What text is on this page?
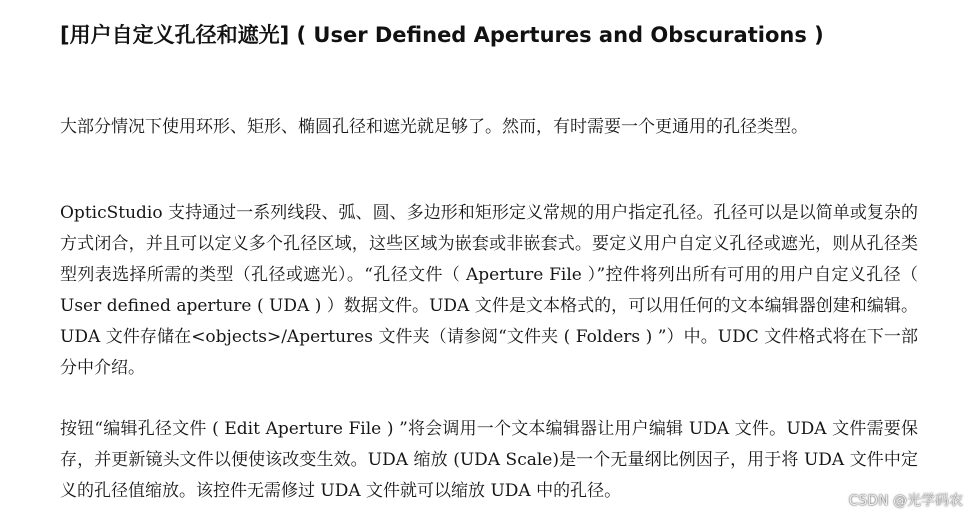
[用户自定义孔径和遮光] ( User Defined Apertures and Obscurations )

大部分情况下使用环形、矩形、椭圆孔径和遮光就足够了。然而，有时需要一个更通用的孔径类型。

OpticStudio 支持通过一系列线段、弧、圆、多边形和矩形定义常规的用户指定孔径。孔径可以是以简单或复杂的方式闭合，并且可以定义多个孔径区域，这些区域为嵌套或非嵌套式。要定义用户自定义孔径或遮光，则从孔径类型列表选择所需的类型（孔径或遮光）。“孔径文件（ Aperture File ）”控件将列出所有可用的用户自定义孔径（ User defined aperture ( UDA ) ）数据文件。UDA 文件是文本格式的，可以用任何的文本编辑器创建和编辑。UDA 文件存储在<objects>/Apertures 文件夹（请参阅“文件夹 ( Folders ) ”）中。UDC 文件格式将在下一部分中介绍。

按钮“编辑孔径文件 ( Edit Aperture File ) ”将会调用一个文本编辑器让用户编辑 UDA 文件。UDA 文件需要保存，并更新镜头文件以便使该改变生效。UDA 缩放 (UDA Scale)是一个无量纲比例因子，用于将 UDA 文件中定义的孔径值缩放。该控件无需修过 UDA 文件就可以缩放 UDA 中的孔径。	CSDN @光学码农
